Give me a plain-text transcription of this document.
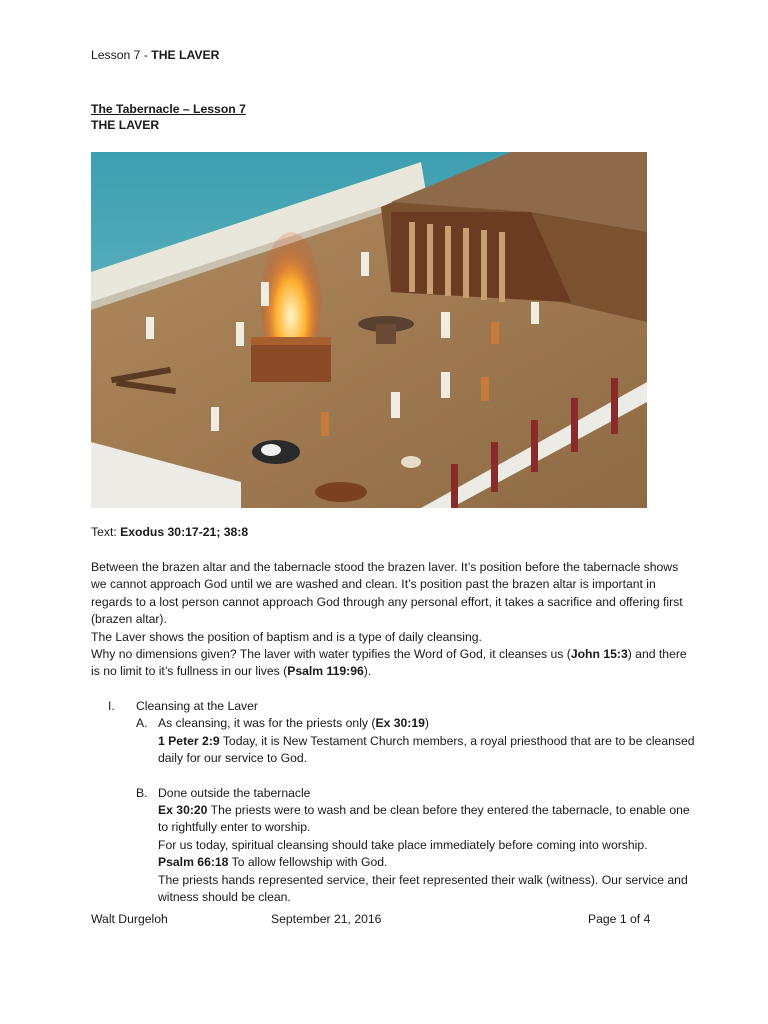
Lesson 7 - THE LAVER
The Tabernacle – Lesson 7
THE LAVER
Text: Exodus 30:17-21; 38:8
Between the brazen altar and the tabernacle stood the brazen laver. It’s position before the tabernacle shows we cannot approach God until we are washed and clean. It’s position past the brazen altar is important in regards to a lost person cannot approach God through any personal effort, it takes a sacrifice and offering first (brazen altar).
The Laver shows the position of baptism and is a type of daily cleansing.
Why no dimensions given? The laver with water typifies the Word of God, it cleanses us (John 15:3) and there is no limit to it’s fullness in our lives (Psalm 119:96).
I. Cleansing at the Laver
A. As cleansing, it was for the priests only (Ex 30:19)
1 Peter 2:9 Today, it is New Testament Church members, a royal priesthood that are to be cleansed daily for our service to God.
B. Done outside the tabernacle
Ex 30:20 The priests were to wash and be clean before they entered the tabernacle, to enable one to rightfully enter to worship.
For us today, spiritual cleansing should take place immediately before coming into worship.
Psalm 66:18 To allow fellowship with God.
The priests hands represented service, their feet represented their walk (witness). Our service and witness should be clean.
Walt Durgeloh	September 21, 2016	Page 1 of 4
